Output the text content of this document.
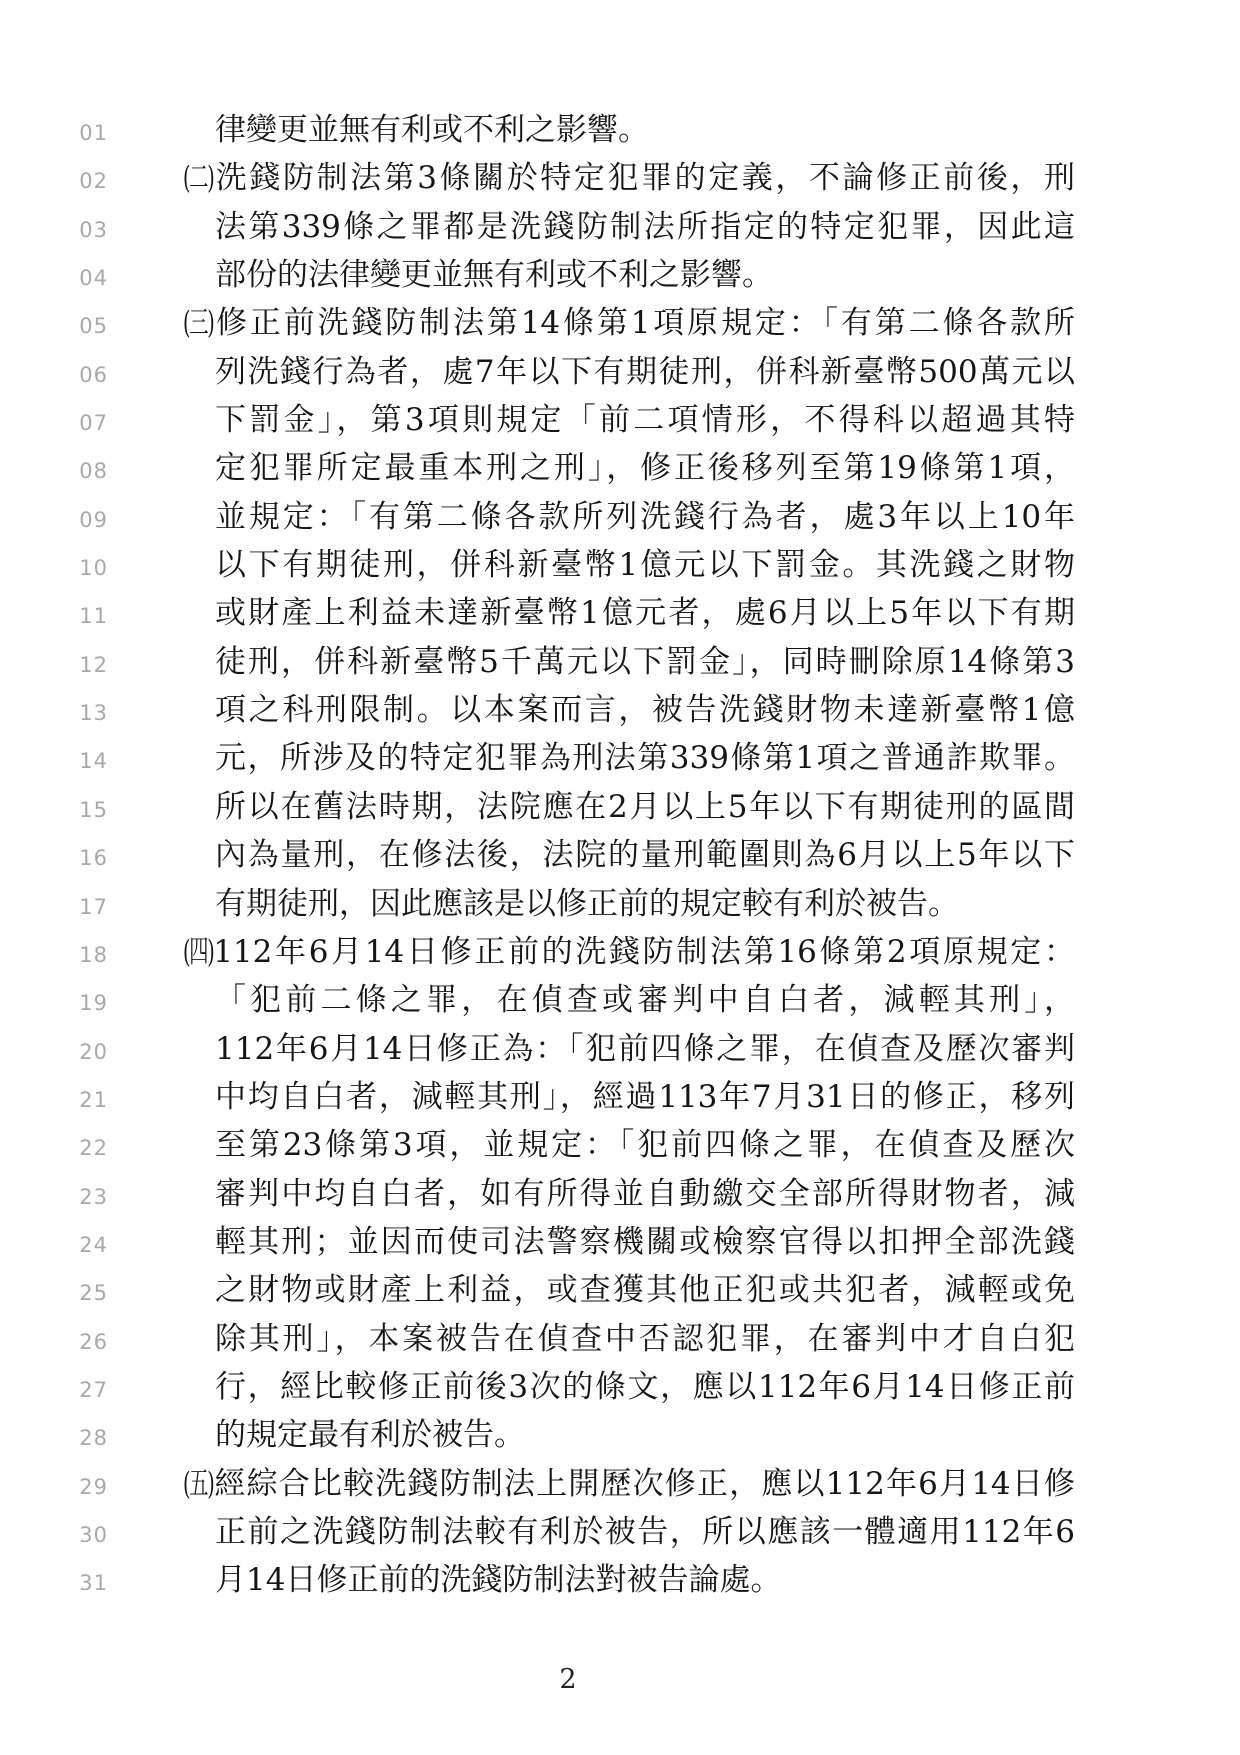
01	律變更並無有利或不利之影響。
02 (二)洗錢防制法第3條關於特定犯罪的定義，不論修正前後，刑
03	法第339條之罪都是洗錢防制法所指定的特定犯罪，因此這
04	部份的法律變更並無有利或不利之影響。
05 (三)修正前洗錢防制法第14條第1項原規定：「有第二條各款所
06	列洗錢行為者，處7年以下有期徒刑，併科新臺幣500萬元以
07	下罰金」，第3項則規定「前二項情形，不得科以超過其特
08	定犯罪所定最重本刑之刑」，修正後移列至第19條第1項，
09	並規定：「有第二條各款所列洗錢行為者，處3年以上10年
10	以下有期徒刑，併科新臺幣1億元以下罰金。其洗錢之財物
11	或財產上利益未達新臺幣1億元者，處6月以上5年以下有期
12	徒刑，併科新臺幣5千萬元以下罰金」，同時刪除原14條第3
13	項之科刑限制。以本案而言，被告洗錢財物未達新臺幣1億
14	元，所涉及的特定犯罪為刑法第339條第1項之普通詐欺罪。
15	所以在舊法時期，法院應在2月以上5年以下有期徒刑的區間
16	內為量刑，在修法後，法院的量刑範圍則為6月以上5年以下
17	有期徒刑，因此應該是以修正前的規定較有利於被告。
18 (四)112年6月14日修正前的洗錢防制法第16條第2項原規定：
19	「犯前二條之罪，在偵查或審判中自白者，減輕其刑」，
20	112年6月14日修正為：「犯前四條之罪，在偵查及歷次審判
21	中均自白者，減輕其刑」，經過113年7月31日的修正，移列
22	至第23條第3項，並規定：「犯前四條之罪，在偵查及歷次
23	審判中均自白者，如有所得並自動繳交全部所得財物者，減
24	輕其刑；並因而使司法警察機關或檢察官得以扣押全部洗錢
25	之財物或財產上利益，或查獲其他正犯或共犯者，減輕或免
26	除其刑」，本案被告在偵查中否認犯罪，在審判中才自白犯
27	行，經比較修正前後3次的條文，應以112年6月14日修正前
28	的規定最有利於被告。
29 (五)經綜合比較洗錢防制法上開歷次修正，應以112年6月14日修
30	正前之洗錢防制法較有利於被告，所以應該一體適用112年6
31	月14日修正前的洗錢防制法對被告論處。
2
